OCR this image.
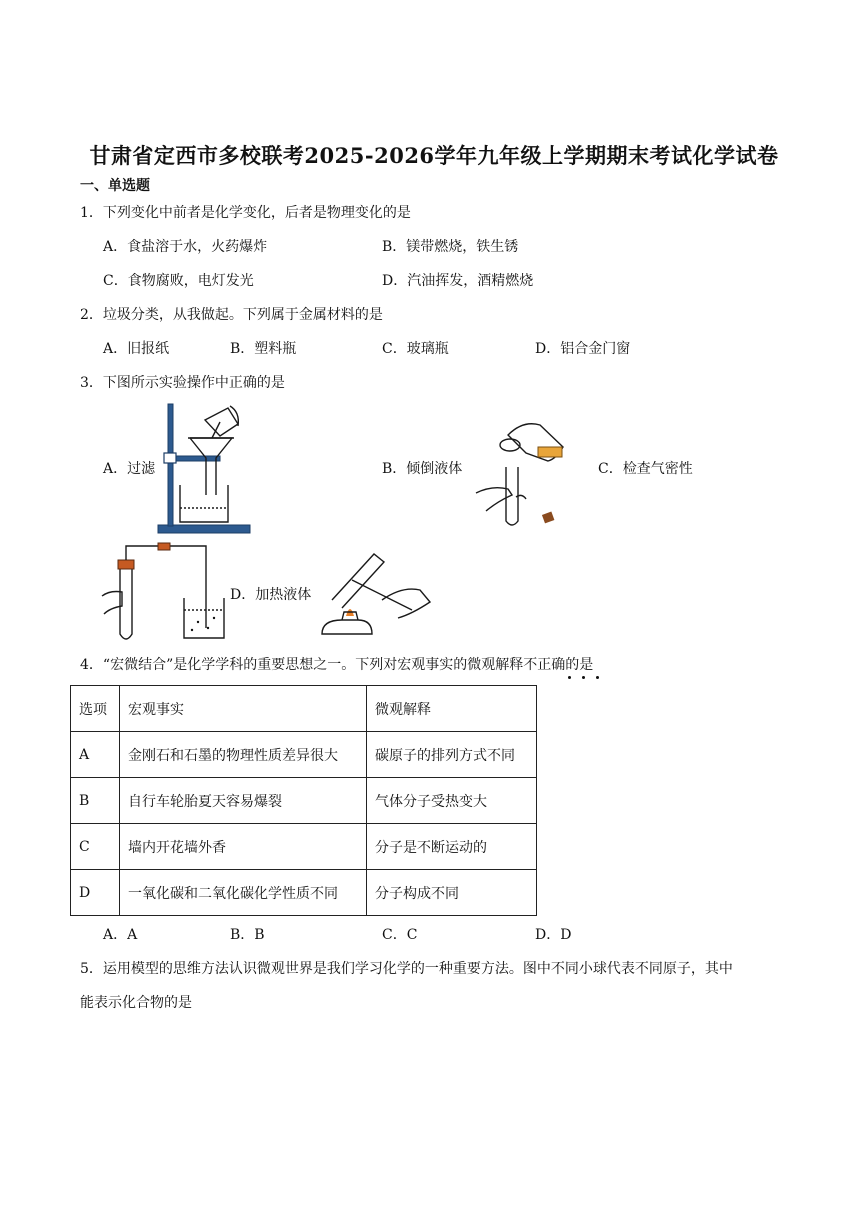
甘肃省定西市多校联考2025-2026学年九年级上学期期末考试化学试卷
一、单选题
1．下列变化中前者是化学变化，后者是物理变化的是
A．食盐溶于水，火药爆炸	B．镁带燃烧，铁生锈
C．食物腐败，电灯发光	D．汽油挥发，酒精燃烧
2．垃圾分类，从我做起。下列属于金属材料的是
A．旧报纸	B．塑料瓶	C．玻璃瓶	D．铝合金门窗
3．下图所示实验操作中正确的是
A．过滤	B．倾倒液体	C．检查气密性
D．加热液体
4．“宏微结合”是化学学科的重要思想之一。下列对宏观事实的微观解释不正确的是
选项	宏观事实	微观解释
A	金刚石和石墨的物理性质差异很大	碳原子的排列方式不同
B	自行车轮胎夏天容易爆裂	气体分子受热变大
C	墙内开花墙外香	分子是不断运动的
D	一氧化碳和二氧化碳化学性质不同	分子构成不同
A．A	B．B	C．C	D．D
5．运用模型的思维方法认识微观世界是我们学习化学的一种重要方法。图中不同小球代表不同原子，其中
能表示化合物的是
